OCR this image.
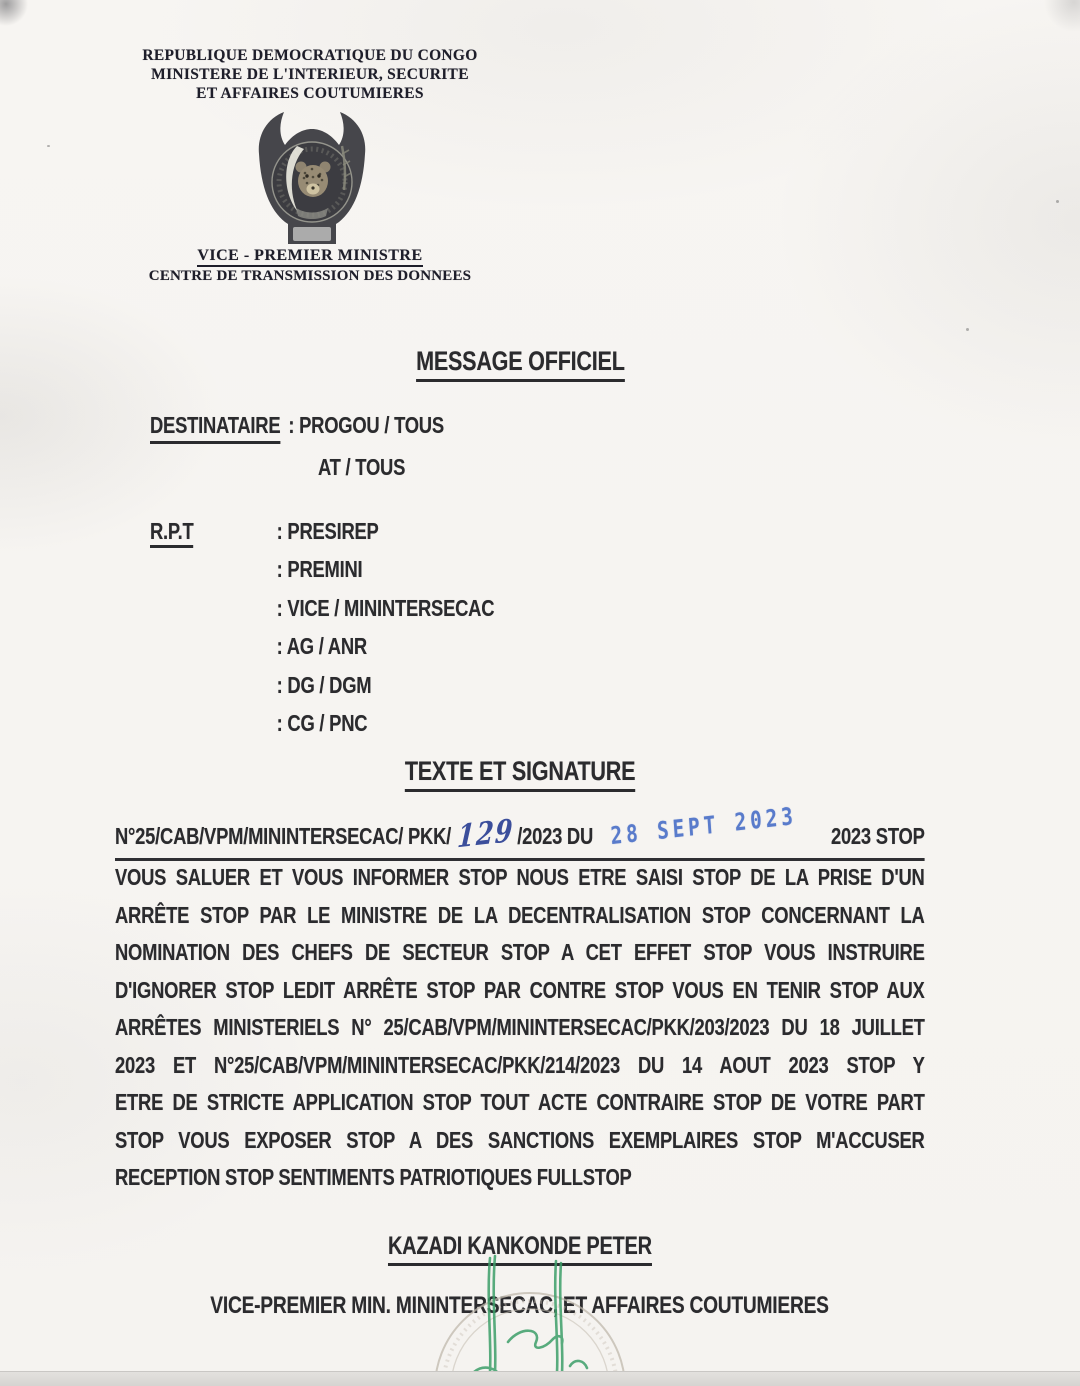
REPUBLIQUE DEMOCRATIQUE DU CONGO
MINISTERE DE L'INTERIEUR, SECURITE
ET AFFAIRES COUTUMIERES
VICE - PREMIER MINISTRE
CENTRE DE TRANSMISSION DES DONNEES
MESSAGE OFFICIEL
DESTINATAIRE : PROGOU / TOUS
AT / TOUS
R.P.T	: PRESIREP
: PREMINI
: VICE / MININTERSECAC
: AG / ANR
: DG / DGM
: CG / PNC
TEXTE ET SIGNATURE
N°25/CAB/VPM/MININTERSECAC/ PKK/ 129 /2023 DU 28 SEPT 2023 2023 STOP
VOUS SALUER ET VOUS INFORMER STOP NOUS ETRE SAISI STOP DE LA PRISE D'UN
ARRÊTE STOP PAR LE MINISTRE DE LA DECENTRALISATION STOP CONCERNANT LA
NOMINATION DES CHEFS DE SECTEUR STOP A CET EFFET STOP VOUS INSTRUIRE
D'IGNORER STOP LEDIT ARRÊTE STOP PAR CONTRE STOP VOUS EN TENIR STOP AUX
ARRÊTES MINISTERIELS N° 25/CAB/VPM/MININTERSECAC/PKK/203/2023 DU 18 JUILLET
2023 ET N°25/CAB/VPM/MININTERSECAC/PKK/214/2023 DU 14 AOUT 2023 STOP Y
ETRE DE STRICTE APPLICATION STOP TOUT ACTE CONTRAIRE STOP DE VOTRE PART
STOP VOUS EXPOSER STOP A DES SANCTIONS EXEMPLAIRES STOP M'ACCUSER
RECEPTION STOP SENTIMENTS PATRIOTIQUES FULLSTOP
KAZADI KANKONDE PETER
VICE-PREMIER MIN. MININTERSECAC, ET AFFAIRES COUTUMIERES
